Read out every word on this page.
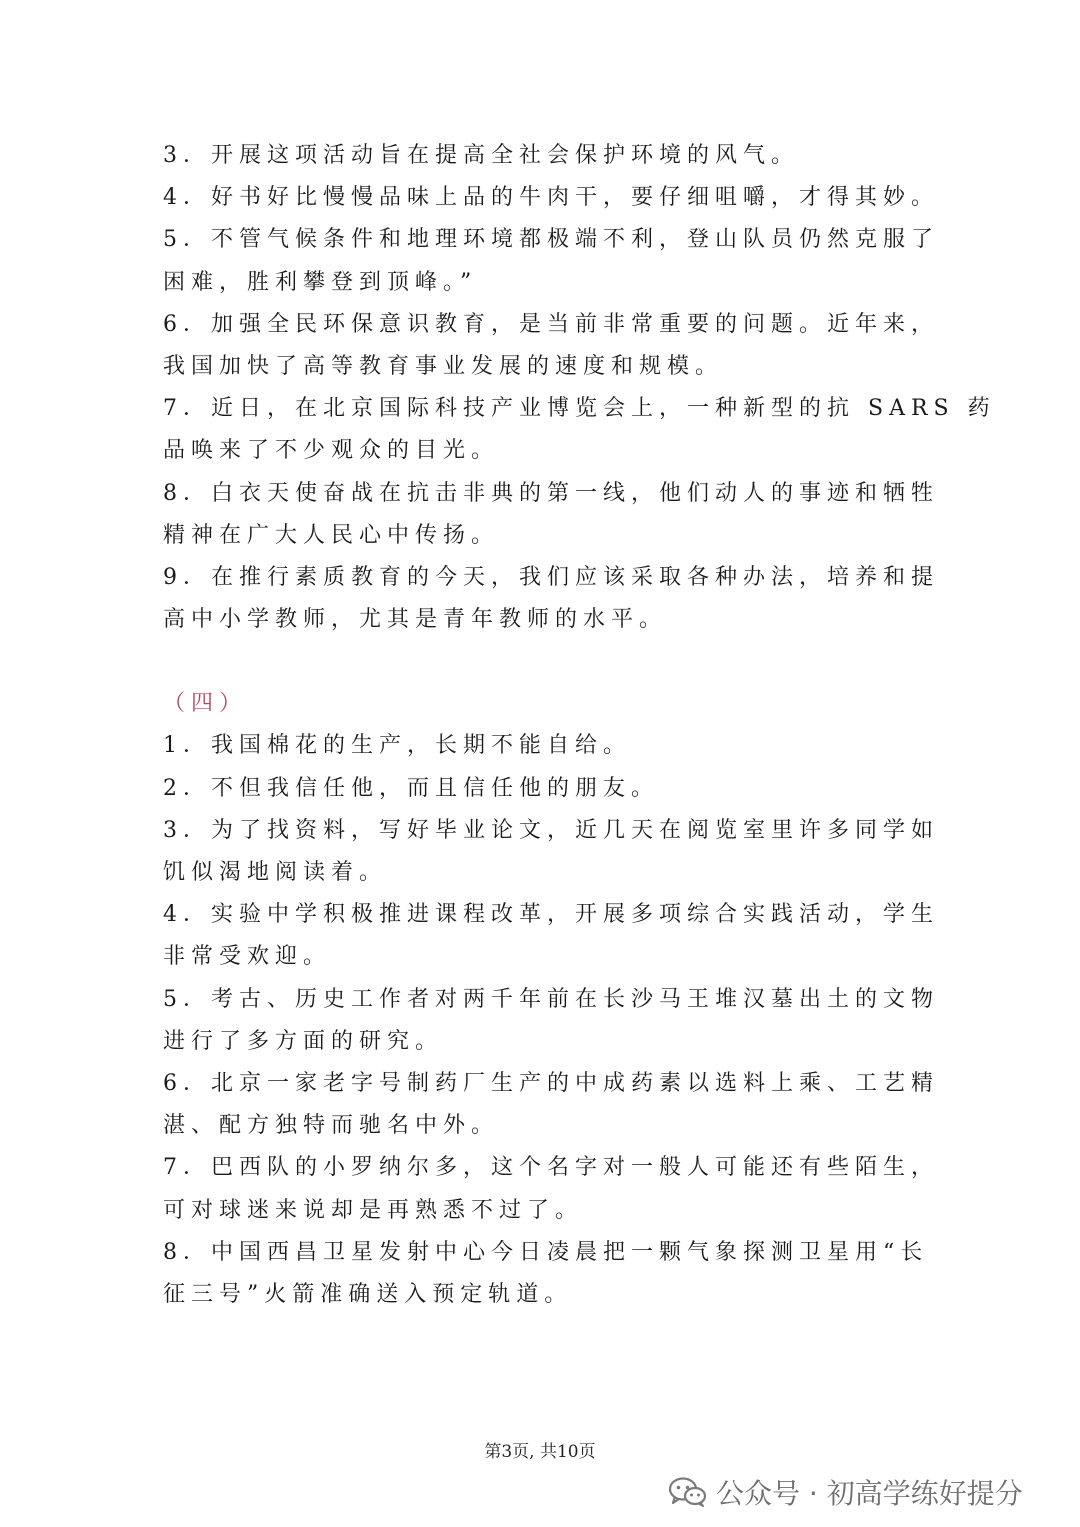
3．开展这项活动旨在提高全社会保护环境的风气。
4．好书好比慢慢品味上品的牛肉干，要仔细咀嚼，才得其妙。
5．不管气候条件和地理环境都极端不利，登山队员仍然克服了
困难，胜利攀登到顶峰。”
6．加强全民环保意识教育，是当前非常重要的问题。近年来，
我国加快了高等教育事业发展的速度和规模。
7．近日，在北京国际科技产业博览会上，一种新型的抗 SARS 药
品唤来了不少观众的目光。
8．白衣天使奋战在抗击非典的第一线，他们动人的事迹和牺牲
精神在广大人民心中传扬。
9．在推行素质教育的今天，我们应该采取各种办法，培养和提
高中小学教师，尤其是青年教师的水平。
（四）
1．我国棉花的生产，长期不能自给。
2．不但我信任他，而且信任他的朋友。
3．为了找资料，写好毕业论文，近几天在阅览室里许多同学如
饥似渴地阅读着。
4．实验中学积极推进课程改革，开展多项综合实践活动，学生
非常受欢迎。
5．考古、历史工作者对两千年前在长沙马王堆汉墓出土的文物
进行了多方面的研究。
6．北京一家老字号制药厂生产的中成药素以选料上乘、工艺精
湛、配方独特而驰名中外。
7．巴西队的小罗纳尔多，这个名字对一般人可能还有些陌生，
可对球迷来说却是再熟悉不过了。
8．中国西昌卫星发射中心今日凌晨把一颗气象探测卫星用“长
征三号”火箭准确送入预定轨道。
第3页, 共10页
公众号 · 初高学练好提分
